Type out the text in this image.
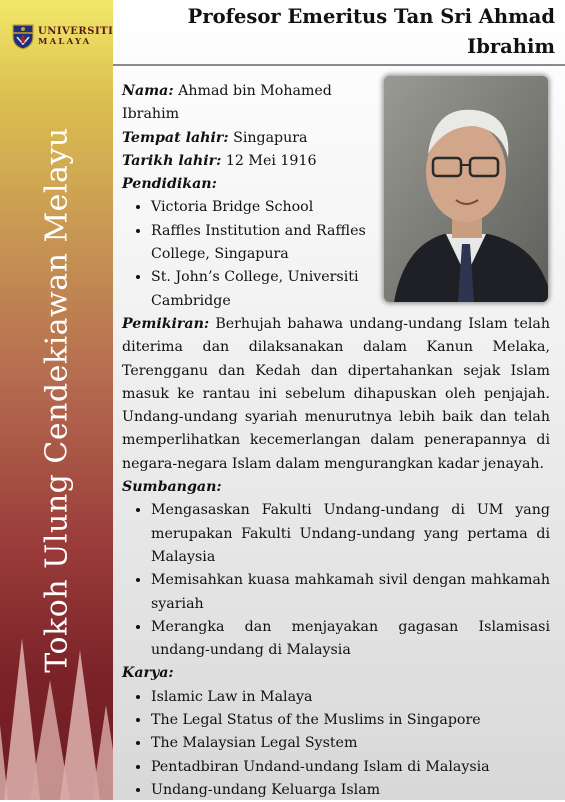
UNIVERSITI
MALAYA
Tokoh Ulung Cendekiawan Melayu
Profesor Emeritus Tan Sri Ahmad Ibrahim
Nama: Ahmad bin Mohamed Ibrahim
Tempat lahir: Singapura
Tarikh lahir: 12 Mei 1916
Pendidikan:
• Victoria Bridge School
• Raffles Institution and Raffles College, Singapura
• St. John’s College, Universiti Cambridge

Pemikiran: Berhujah bahawa undang-undang Islam telah diterima dan dilaksanakan dalam Kanun Melaka, Terengganu dan Kedah dan dipertahankan sejak Islam masuk ke rantau ini sebelum dihapuskan oleh penjajah. Undang-undang syariah menurutnya lebih baik dan telah memperlihatkan kecemerlangan dalam penerapannya di negara-negara Islam dalam mengurangkan kadar jenayah.

Sumbangan:
• Mengasaskan Fakulti Undang-undang di UM yang merupakan Fakulti Undang-undang yang pertama di Malaysia
• Memisahkan kuasa mahkamah sivil dengan mahkamah syariah
• Merangka dan menjayakan gagasan Islamisasi undang-undang di Malaysia
Karya:
• Islamic Law in Malaya
• The Legal Status of the Muslims in Singapore
• The Malaysian Legal System
• Pentadbiran Undand-undang Islam di Malaysia
• Undang-undang Keluarga Islam
